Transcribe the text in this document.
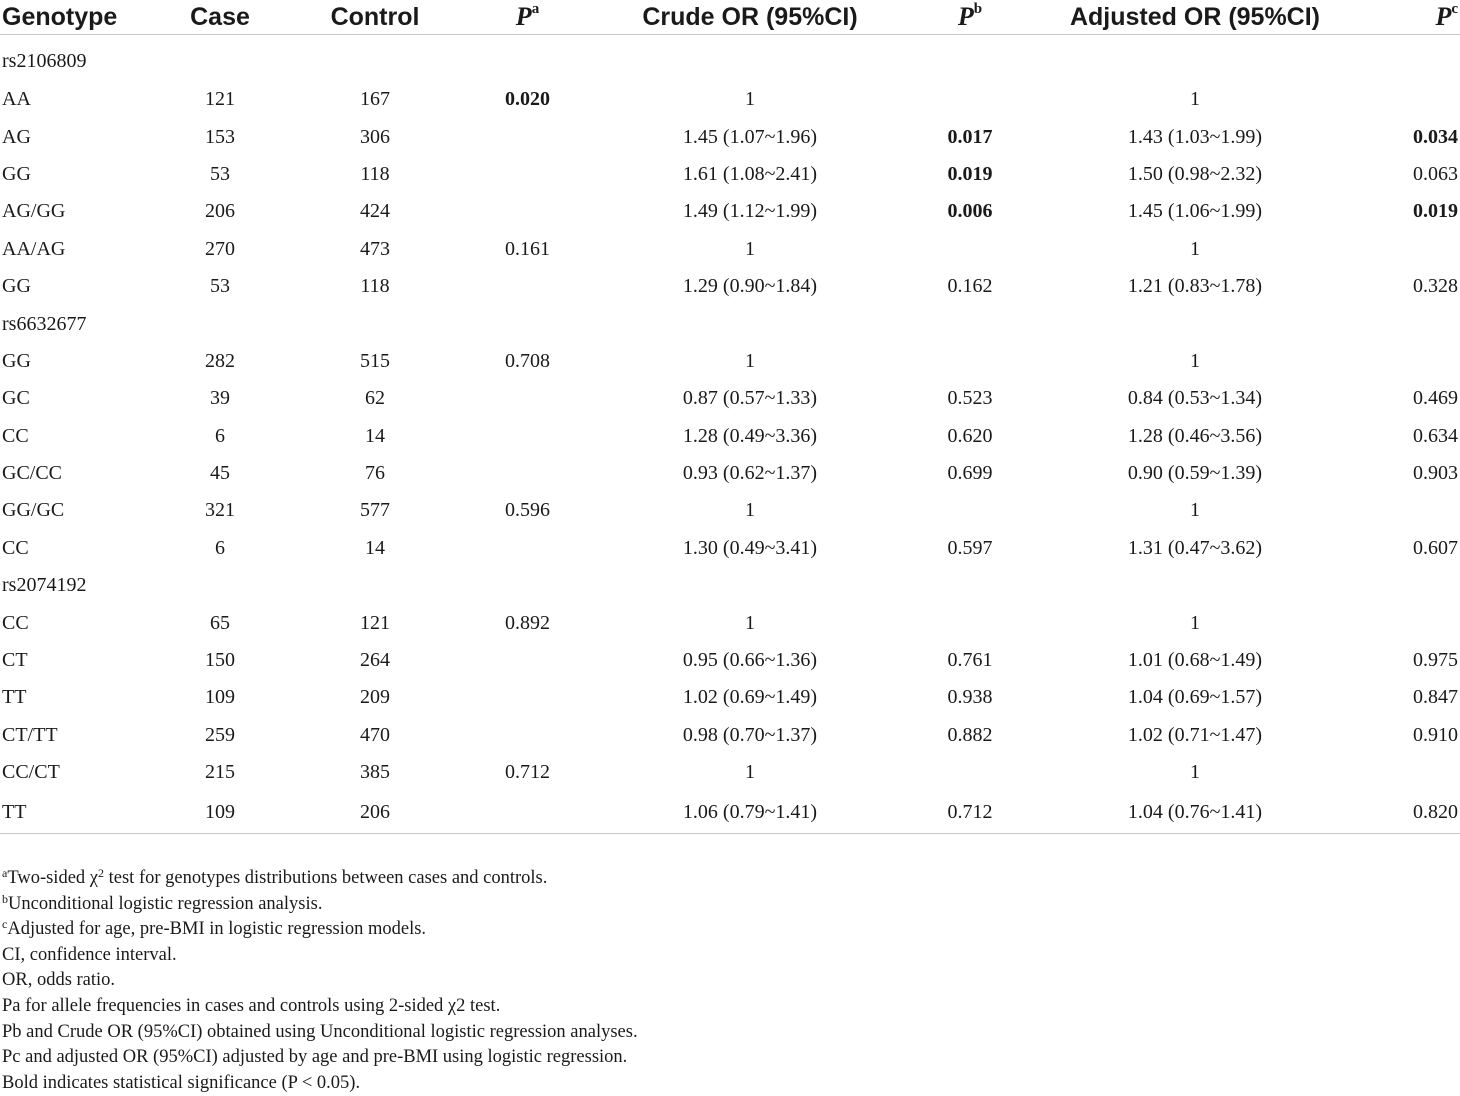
Genotype	Case	Control	$P^a$	Crude OR (95%CI)	$P^b$	Adjusted OR (95%CI)	$P^c$
rs2106809							
AA	121	167	0.020	1		1	
AG	153	306		1.45 (1.07~1.96)	0.017	1.43 (1.03~1.99)	0.034
GG	53	118		1.61 (1.08~2.41)	0.019	1.50 (0.98~2.32)	0.063
AG/GG	206	424		1.49 (1.12~1.99)	0.006	1.45 (1.06~1.99)	0.019
AA/AG	270	473	0.161	1		1	
GG	53	118		1.29 (0.90~1.84)	0.162	1.21 (0.83~1.78)	0.328
rs6632677							
GG	282	515	0.708	1		1	
GC	39	62		0.87 (0.57~1.33)	0.523	0.84 (0.53~1.34)	0.469
CC	6	14		1.28 (0.49~3.36)	0.620	1.28 (0.46~3.56)	0.634
GC/CC	45	76		0.93 (0.62~1.37)	0.699	0.90 (0.59~1.39)	0.903
GG/GC	321	577	0.596	1		1	
CC	6	14		1.30 (0.49~3.41)	0.597	1.31 (0.47~3.62)	0.607
rs2074192							
CC	65	121	0.892	1		1	
CT	150	264		0.95 (0.66~1.36)	0.761	1.01 (0.68~1.49)	0.975
TT	109	209		1.02 (0.69~1.49)	0.938	1.04 (0.69~1.57)	0.847
CT/TT	259	470		0.98 (0.70~1.37)	0.882	1.02 (0.71~1.47)	0.910
CC/CT	215	385	0.712	1		1	
TT	109	206		1.06 (0.79~1.41)	0.712	1.04 (0.76~1.41)	0.820
$^a$Two-sided $\chi^2$ test for genotypes distributions between cases and controls.
$^b$Unconditional logistic regression analysis.
$^c$Adjusted for age, pre-BMI in logistic regression models.
CI, confidence interval.
OR, odds ratio.
Pa for allele frequencies in cases and controls using 2-sided χ2 test.
Pb and Crude OR (95%CI) obtained using Unconditional logistic regression analyses.
Pc and adjusted OR (95%CI) adjusted by age and pre-BMI using logistic regression.
Bold indicates statistical significance (P < 0.05).
